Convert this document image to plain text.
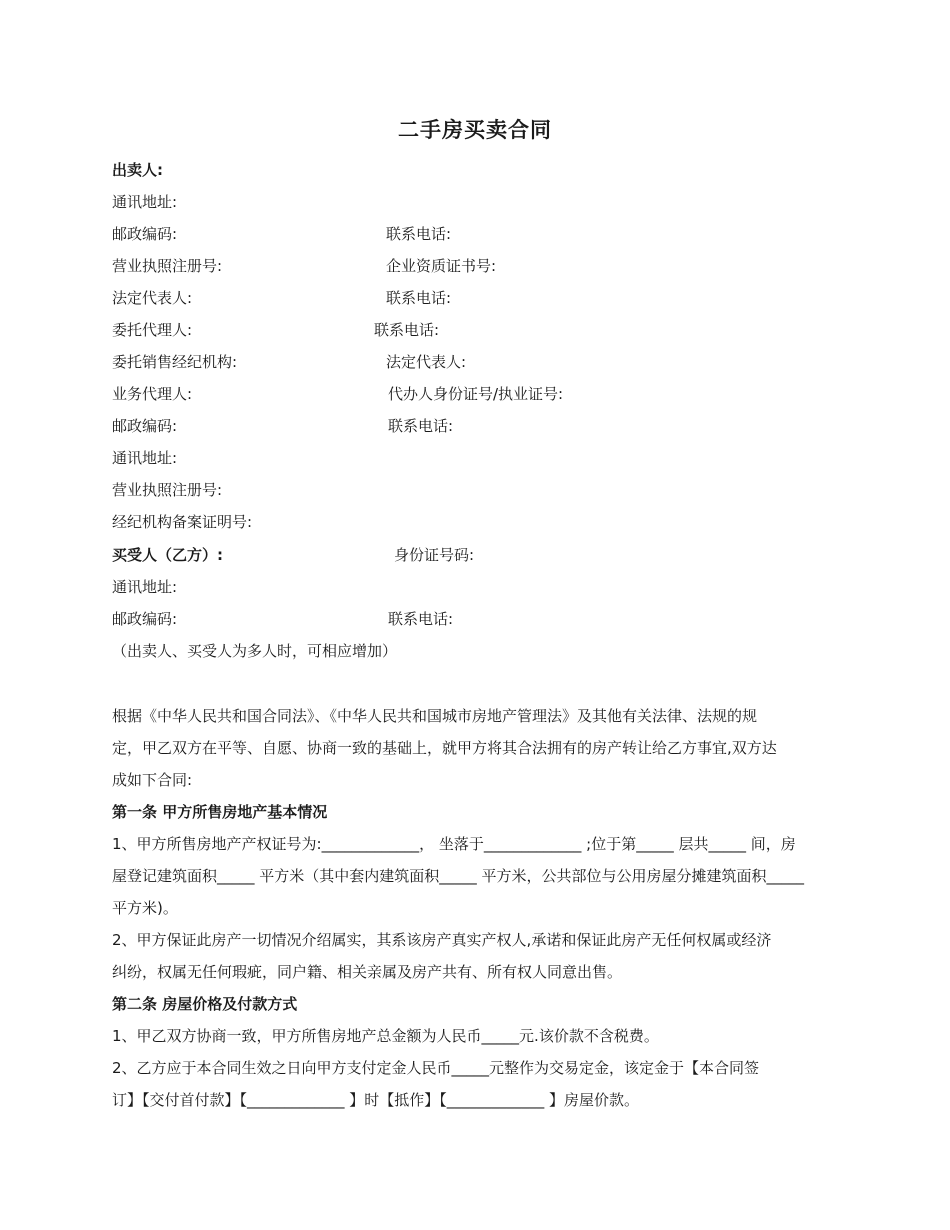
二手房买卖合同
出卖人:
通讯地址:
邮政编码:	联系电话:
营业执照注册号:	企业资质证书号:
法定代表人:	联系电话:
委托代理人:	联系电话:
委托销售经纪机构:	法定代表人:
业务代理人:	代办人身份证号/执业证号:
邮政编码:	联系电话:
通讯地址:
营业执照注册号:
经纪机构备案证明号:
买受人（乙方）:	身份证号码:
通讯地址:
邮政编码:	联系电话:
（出卖人、买受人为多人时，可相应增加）
根据《中华人民共和国合同法》、《中华人民共和国城市房地产管理法》及其他有关法律、法规的规
定，甲乙双方在平等、自愿、协商一致的基础上，就甲方将其合法拥有的房产转让给乙方事宜,双方达
成如下合同:
第一条 甲方所售房地产基本情况
1、甲方所售房地产产权证号为:_____________， 坐落于_____________ ;位于第_____ 层共_____ 间，房
屋登记建筑面积_____ 平方米（其中套内建筑面积_____ 平方米，公共部位与公用房屋分摊建筑面积_____
平方米)。
2、甲方保证此房产一切情况介绍属实，其系该房产真实产权人,承诺和保证此房产无任何权属或经济
纠纷，权属无任何瑕疵，同户籍、相关亲属及房产共有、所有权人同意出售。
第二条 房屋价格及付款方式
1、甲乙双方协商一致，甲方所售房地产总金额为人民币_____元.该价款不含税费。
2、乙方应于本合同生效之日向甲方支付定金人民币_____元整作为交易定金，该定金于【本合同签
订】【交付首付款】【_____________ 】时【抵作】【_____________ 】房屋价款。
